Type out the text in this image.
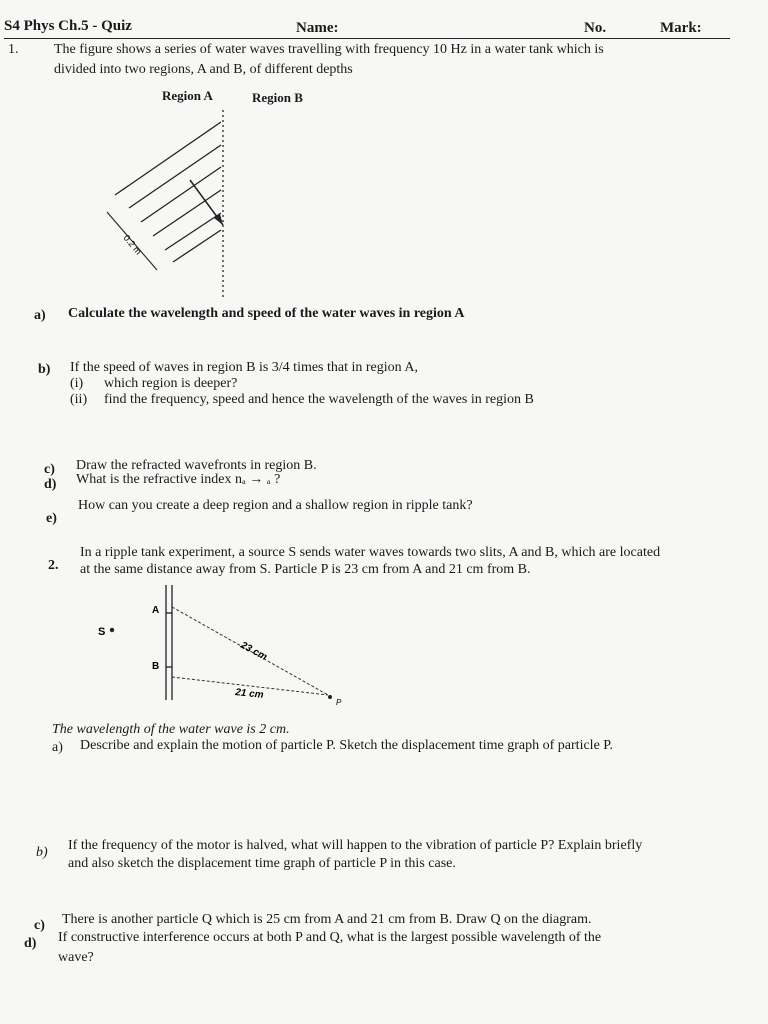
S4 Phys Ch.5 - Quiz	Name:	No.	Mark:
1.	The figure shows a series of water waves travelling with frequency 10 Hz in a water tank which is
divided into two regions, A and B, of different depths
Region A	Region B
0.2 m
a) Calculate the wavelength and speed of the water waves in region A
b) If the speed of waves in region B is 3/4 times that in region A,
(i) which region is deeper?
(ii) find the frequency, speed and hence the wavelength of the waves in region B
c) Draw the refracted wavefronts in region B.
d) What is the refractive index nₐ → ₐ ?
e)
How can you create a deep region and a shallow region in ripple tank?
2.
In a ripple tank experiment, a source S sends water waves towards two slits, A and B, which are located
at the same distance away from S. Particle P is 23 cm from A and 21 cm from B.
S
A
B
23 cm
21 cm
P
The wavelength of the water wave is 2 cm.
a) Describe and explain the motion of particle P. Sketch the displacement time graph of particle P.
b) If the frequency of the motor is halved, what will happen to the vibration of particle P? Explain briefly
and also sketch the displacement time graph of particle P in this case.
c) There is another particle Q which is 25 cm from A and 21 cm from B. Draw Q on the diagram.
d) If constructive interference occurs at both P and Q, what is the largest possible wavelength of the
wave?
